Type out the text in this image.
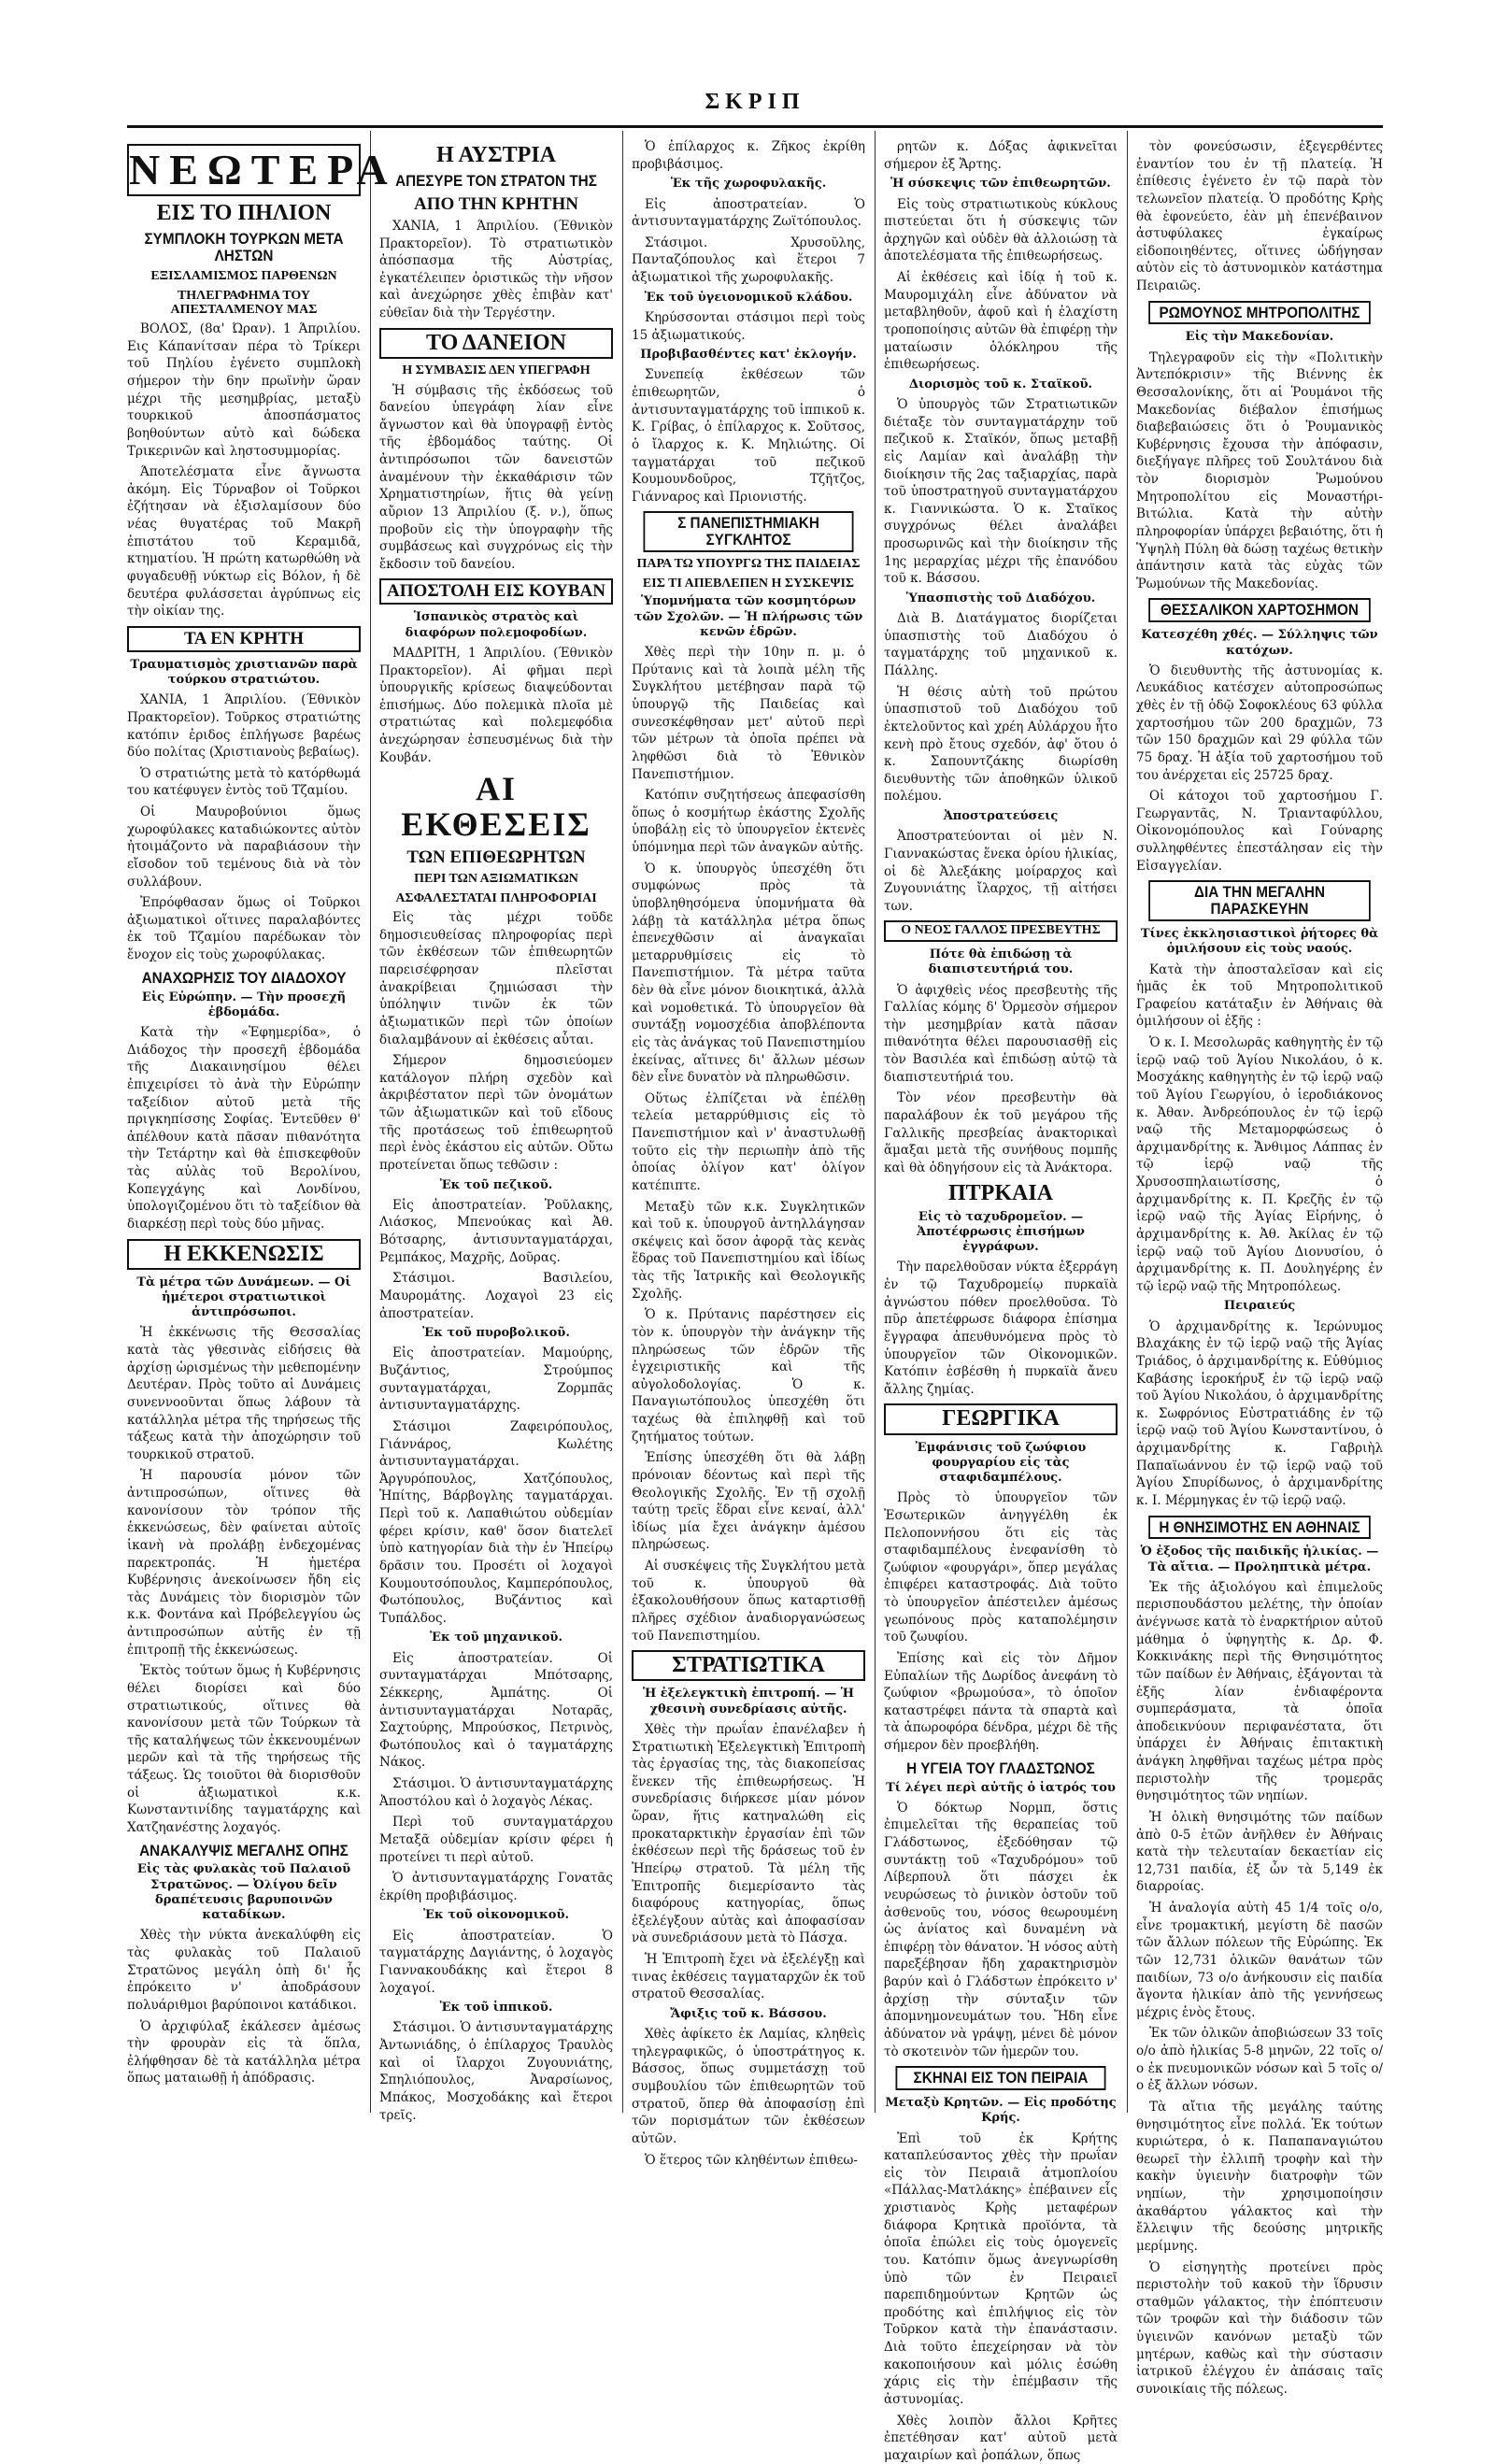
ΣΚΡΙΠ
ΝΕΩΤΕΡΑ
ΕΙΣ ΤΟ ΠΗΛΙΟΝ
ΣΥΜΠΛΟΚΗ ΤΟΥΡΚΩΝ ΜΕΤΑ ΛΗΣΤΩΝ
ΕΞΙΣΛΑΜΙΣΜΟΣ ΠΑΡΘΕΝΩΝ
ΤΗΛΕΓΡΑΦΗΜΑ ΤΟΥ ΑΠΕΣΤΑΛΜΕΝΟΥ ΜΑΣ

ΒΟΛΟΣ, (8α' Ώραν). 1 Άπριλίου. Εις Κάπανίτσαν πέρα τὸ Τρίκερι τοῦ Πηλίου ἐγένετο συμπλοκὴ σήμερον τὴν 6ην πρωϊνὴν ὥραν μέχρι τῆς μεσημβρίας, μεταξὺ τουρκικοῦ ἀποσπάσματος βοηθούντων αὐτὸ καὶ δώδεκα Τρικερινῶν καὶ ληστοσυμμορίας.

Άποτελέσματα εἶνε ἄγνωστα ἀκόμη. Εἰς Τύρναβον οἱ Τοῦρκοι ἐζήτησαν νὰ ἐξισλαμίσουν δύο νέας θυγατέρας τοῦ Μακρῆ ἐπιστάτου τοῦ Κεραμιδᾶ, κτηματίου. Ἡ πρώτη κατωρθώθη νὰ φυγαδευθῇ νύκτωρ εἰς Βόλον, ἡ δὲ δευτέρα φυλάσσεται ἀγρύπνως εἰς τὴν οἰκίαν της.

ΤΑ ΕΝ ΚΡΗΤΗ
Τραυματισμὸς χριστιανῶν παρὰ τούρκου στρατιώτου.

ΧΑΝΙΑ, 1 Άπριλίου. (Έθνικὸν Πρακτορεῖον). Τοῦρκος στρατιώτης κατόπιν ἐριδος ἐπλήγωσε βαρέως δύο πολίτας (Χριστιανοὺς βεβαίως).

Ὁ στρατιώτης μετὰ τὸ κατόρθωμά του κατέφυγεν ἐντὸς τοῦ Τζαμίου.

Οἱ Μαυροβούνιοι ὅμως χωροφύλακες καταδιώκοντες αὐτὸν ἠτοιμάζοντο νὰ παραβιάσουν τὴν εἴσοδον τοῦ τεμένους διὰ νὰ τὸν συλλάβουν.

Ἐπρόφθασαν ὅμως οἱ Τοῦρκοι ἀξιωματικοὶ οἵτινες παραλαβόντες ἐκ τοῦ Τζαμίου παρέδωκαν τὸν ἔνοχον εἰς τοὺς χωροφύλακας.

ΑΝΑΧΩΡΗΣΙΣ ΤΟΥ ΔΙΑΔΟΧΟΥ
Εἰς Εὐρώπην. — Τὴν προσεχῆ ἑβδομάδα.

Κατὰ τὴν «Ἐφημερίδα», ὁ Διάδοχος τὴν προσεχῆ ἑβδομάδα τῆς Διακαινησίμου θέλει ἐπιχειρίσει τὸ ἀνὰ τὴν Εὐρώπην ταξείδιον αὐτοῦ μετὰ τῆς πριγκηπίσσης Σοφίας. Ἐντεῦθεν θ' ἀπέλθουν κατὰ πᾶσαν πιθανότητα τὴν Τετάρτην καὶ θὰ ἐπισκεφθοῦν τὰς αὐλὰς τοῦ Βερολίνου, Κοπεγχάγης καὶ Λονδίνου, ὑπολογιζομένου ὅτι τὸ ταξείδιον θὰ διαρκέσῃ περὶ τοὺς δύο μῆνας.

Η ΕΚΚΕΝΩΣΙΣ
Τὰ μέτρα τῶν Δυνάμεων. — Οἱ ἡμέτεροι στρατιωτικοὶ ἀντιπρόσωποι.

Ἡ ἐκκένωσις τῆς Θεσσαλίας κατὰ τὰς γθεσινὰς εἰδήσεις θὰ ἀρχίσῃ ὡρισμένως τὴν μεθεπομένην Δευτέραν. Πρὸς τοῦτο αἱ Δυνάμεις συνεννοοῦνται ὅπως λάβουν τὰ κατάλληλα μέτρα τῆς τηρήσεως τῆς τάξεως κατὰ τὴν ἀποχώρησιν τοῦ τουρκικοῦ στρατοῦ.

Ἡ παρουσία μόνον τῶν ἀντιπροσώπων, οἵτινες θὰ κανονίσουν τὸν τρόπον τῆς ἐκκενώσεως, δὲν φαίνεται αὐτοῖς ἱκανὴ νὰ προλάβῃ ἐνδεχομένας παρεκτροπάς. Ἡ ἡμετέρα Κυβέρνησις ἀνεκοίνωσεν ἤδη εἰς τὰς Δυνάμεις τὸν διορισμὸν τῶν κ.κ. Φοντάνα καὶ Πρόβελεγγίου ὡς ἀντιπροσώπων αὐτῆς ἐν τῇ ἐπιτροπῇ τῆς ἐκκενώσεως.

Ἐκτὸς τούτων ὅμως ἡ Κυβέρνησις θέλει διορίσει καὶ δύο στρατιωτικούς, οἵτινες θὰ κανονίσουν μετὰ τῶν Τούρκων τὰ τῆς καταλήψεως τῶν ἐκκενουμένων μερῶν καὶ τὰ τῆς τηρήσεως τῆς τάξεως. Ὡς τοιοῦτοι θὰ διορισθοῦν οἱ ἀξιωματικοὶ κ.κ. Κωνσταντινίδης ταγματάρχης καὶ Χατζηανέστης λοχαγός.

ΑΝΑΚΑΛΥΨΙΣ ΜΕΓΑΛΗΣ ΟΠΗΣ
Εἰς τὰς φυλακὰς τοῦ Παλαιοῦ Στρατῶνος. — Ὀλίγου δεῖν δραπέτευσις βαρυποινῶν καταδίκων.

Χθὲς τὴν νύκτα ἀνεκαλύφθη εἰς τὰς φυλακὰς τοῦ Παλαιοῦ Στρατῶνος μεγάλη ὀπὴ δι' ἧς ἐπρόκειτο ν' ἀποδράσουν πολυάριθμοι βαρύποινοι κατάδικοι.

Ὁ ἀρχιφύλαξ ἐκάλεσεν ἀμέσως τὴν φρουρὰν εἰς τὰ ὅπλα, ἐλήφθησαν δὲ τὰ κατάλληλα μέτρα ὅπως ματαιωθῇ ἡ ἀπόδρασις.

Η ΑΥΣΤΡΙΑ
ΑΠΕΣΥΡΕ ΤΟΝ ΣΤΡΑΤΟΝ ΤΗΣ
ΑΠΟ ΤΗΝ ΚΡΗΤΗΝ

ΧΑΝΙΑ, 1 Άπριλίου. (Έθνικὸν Πρακτορεῖον). Τὸ στρατιωτικὸν ἀπόσπασμα τῆς Αὐστρίας, ἐγκατέλειπεν ὁριστικῶς τὴν νῆσον καὶ ἀνεχώρησε χθὲς ἐπιβὰν κατ' εὐθεῖαν διὰ τὴν Τεργέστην.

ΤΟ ΔΑΝΕΙΟΝ
Η ΣΥΜΒΑΣΙΣ ΔΕΝ ΥΠΕΓΡΑΦΗ

Ἡ σύμβασις τῆς ἐκδόσεως τοῦ δανείου ὑπεγράφη λίαν εἶνε ἄγνωστον καὶ θὰ ὑπογραφῇ ἐντὸς τῆς ἑβδομάδος ταύτης. Οἱ ἀντιπρόσωποι τῶν δανειστῶν ἀναμένουν τὴν ἐκκαθάρισιν τῶν Χρηματιστηρίων, ἥτις θὰ γείνῃ αὔριον 13 Άπριλίου (ξ. ν.), ὅπως προβοῦν εἰς τὴν ὑπογραφὴν τῆς συμβάσεως καὶ συγχρόνως εἰς τὴν ἔκδοσιν τοῦ δανείου.

ΑΠΟΣΤΟΛΗ ΕΙΣ ΚΟΥΒΑΝ
Ἱσπανικὸς στρατὸς καὶ διαφόρων πολεμοφοδίων.

ΜΑΔΡΙΤΗ, 1 Άπριλίου. (Έθνικὸν Πρακτορεῖον). Αἱ φῆμαι περὶ ὑπουργικῆς κρίσεως διαψεύδονται ἐπισήμως. Δύο πολεμικὰ πλοῖα μὲ στρατιώτας καὶ πολεμεφόδια ἀνεχώρησαν ἐσπευσμένως διὰ τὴν Κουβάν.

ΑΙ ΕΚΘΕΣΕΙΣ
ΤΩΝ ΕΠΙΘΕΩΡΗΤΩΝ
ΠΕΡΙ ΤΩΝ ΑΞΙΩΜΑΤΙΚΩΝ
ΑΣΦΑΛΕΣΤΑΤΑΙ ΠΛΗΡΟΦΟΡΙΑΙ

Εἰς τὰς μέχρι τοῦδε δημοσιευθείσας πληροφορίας περὶ τῶν ἐκθέσεων τῶν ἐπιθεωρητῶν παρεισέφρησαν πλεῖσται ἀνακρίβειαι ζημιώσασι τὴν ὑπόληψιν τινῶν ἐκ τῶν ἀξιωματικῶν περὶ τῶν ὁποίων διαλαμβάνουν αἱ ἐκθέσεις αὗται.

Σήμερον δημοσιεύομεν κατάλογον πλήρη σχεδὸν καὶ ἀκριβέστατον περὶ τῶν ὀνομάτων τῶν ἀξιωματικῶν καὶ τοῦ εἴδους τῆς προτάσεως τοῦ ἐπιθεωρητοῦ περὶ ἑνὸς ἑκάστου εἰς αὐτῶν. Οὕτω προτείνεται ὅπως τεθῶσιν :

Ἐκ τοῦ πεζικοῦ.

Εἰς ἀποστρατείαν. Ῥοῦλακης, Λιάσκος, Μπενούκας καὶ Ἀθ. Βότσαρης, ἀντισυνταγματάρχαι, Ρεμπάκος, Μαχρῆς, Δοῦρας.

Στάσιμοι. Βασιλείου, Μαυρομάτης. Λοχαγοὶ 23 εἰς ἀποστρατείαν.

Ἐκ τοῦ πυροβολικοῦ.

Εἰς ἀποστρατείαν. Μαμούρης, Βυζάντιος, Στρούμπος συνταγματάρχαι, Ζορμπᾶς ἀντισυνταγματάρχης.

Στάσιμοι Ζαφειρόπουλος, Γιάννάρος, Κωλέτης ἀντισυνταγματάρχαι. Ἀργυρόπουλος, Χατζόπουλος, Ἡπίτης, Βάρβογλης ταγματάρχαι. Περὶ τοῦ κ. Λαπαθιώτου οὐδεμίαν φέρει κρίσιν, καθ' ὅσον διατελεῖ ὑπὸ κατηγορίαν διὰ τὴν ἐν Ἠπείρῳ δρᾶσιν του. Προσέτι οἱ λοχαγοὶ Κουμουτσόπουλος, Καμπερόπουλος, Φωτόπουλος, Βυζάντιος καὶ Τυπάλδος.

Ἐκ τοῦ μηχανικοῦ.

Εἰς ἀποστρατείαν. Οἱ συνταγματάρχαι Μπότσαρης, Σέκκερης, Ἀμπάτης. Οἱ ἀντισυνταγματάρχαι Νοταρᾶς, Σαχτούρης, Μπρούσκος, Πετρινὸς, Φωτόπουλος καὶ ὁ ταγματάρχης Νάκος.

Στάσιμοι. Ὁ ἀντισυνταγματάρχης Ἀποστόλου καὶ ὁ λοχαγὸς Λέκας.

Περὶ τοῦ συνταγματάρχου Μεταξᾶ οὐδεμίαν κρίσιν φέρει ἡ προτείνει τι περὶ αὐτοῦ.

Ὁ ἀντισυνταγματάρχης Γονατᾶς ἐκρίθη προβιβάσιμος.

Ἐκ τοῦ οἰκονομικοῦ.

Εἰς ἀποστρατείαν. Ὁ ταγματάρχης Δαγιάντης, ὁ λοχαγὸς Γιαννακουδάκης καὶ ἕτεροι 8 λοχαγοί.

Ἐκ τοῦ ἱππικοῦ.

Στάσιμοι. Ὁ ἀντισυνταγματάρχης Ἀντωνιάδης, ὁ ἐπίλαρχος Τραυλὸς καὶ οἱ ἴλαρχοι Ζυγουνιάτης, Σπηλιόπουλος, Ἀναρσίωνος, Μπάκος, Μοσχοδάκης καὶ ἕτεροι τρεῖς.

Ὁ ἐπίλαρχος κ. Ζῆκος ἐκρίθη προβιβάσιμος.

Ἐκ τῆς χωροφυλακῆς.

Εἰς ἀποστρατείαν. Ὁ ἀντισυνταγματάρχης Ζωϊτόπουλος.

Στάσιμοι. Χρυσοῦλης, Πανταζόπουλος καὶ ἕτεροι 7 ἀξιωματικοὶ τῆς χωροφυλακῆς.

Ἐκ τοῦ ὑγειονομικοῦ κλάδου.

Κηρύσσονται στάσιμοι περὶ τοὺς 15 ἀξιωματικούς.

Προβιβασθέντες κατ' ἐκλογήν.

Συνεπείᾳ ἐκθέσεων τῶν ἐπιθεωρητῶν, ὁ ἀντισυνταγματάρχης τοῦ ἱππικοῦ κ. Κ. Γρίβας, ὁ ἐπίλαρχος κ. Σοῦτσος, ὁ ἴλαρχος κ. Κ. Μηλιώτης. Οἱ ταγματάρχαι τοῦ πεζικοῦ Κουμουνδοῦρος, Τζῆτζος, Γιάνναρος καὶ Πριονιστής.

Σ ΠΑΝΕΠΙΣΤΗΜΙΑΚΗ ΣΥΓΚΛΗΤΟΣ
ΠΑΡΑ ΤΩ ΥΠΟΥΡΓΩ ΤΗΣ ΠΑΙΔΕΙΑΣ
ΕΙΣ ΤΙ ΑΠΕΒΛΕΠΕΝ Η ΣΥΣΚΕΨΙΣ
Ὑπομνήματα τῶν κοσμητόρων τῶν Σχολῶν. — Ἡ πλήρωσις τῶν κενῶν ἑδρῶν.

Χθὲς περὶ τὴν 10ην π. μ. ὁ Πρύτανις καὶ τὰ λοιπὰ μέλη τῆς Συγκλήτου μετέβησαν παρὰ τῷ ὑπουργῷ τῆς Παιδείας καὶ συνεσκέφθησαν μετ' αὐτοῦ περὶ τῶν μέτρων τὰ ὁποῖα πρέπει νὰ ληφθῶσι διὰ τὸ Ἐθνικὸν Πανεπιστήμιον.

Κατόπιν συζητήσεως ἀπεφασίσθη ὅπως ὁ κοσμήτωρ ἑκάστης Σχολῆς ὑποβάλῃ εἰς τὸ ὑπουργεῖον ἐκτενὲς ὑπόμνημα περὶ τῶν ἀναγκῶν αὐτῆς.

Ὁ κ. ὑπουργὸς ὑπεσχέθη ὅτι συμφώνως πρὸς τὰ ὑποβληθησόμενα ὑπομνήματα θὰ λάβῃ τὰ κατάλληλα μέτρα ὅπως ἐπενεχθῶσιν αἱ ἀναγκαῖαι μεταρρυθμίσεις εἰς τὸ Πανεπιστήμιον. Τὰ μέτρα ταῦτα δὲν θὰ εἶνε μόνον διοικητικά, ἀλλὰ καὶ νομοθετικά. Τὸ ὑπουργεῖον θὰ συντάξῃ νομοσχέδια ἀποβλέποντα εἰς τὰς ἀνάγκας τοῦ Πανεπιστημίου ἐκείνας, αἵτινες δι' ἄλλων μέσων δὲν εἶνε δυνατὸν νὰ πληρωθῶσιν.

Οὕτως ἐλπίζεται νὰ ἐπέλθῃ τελεία μεταρρύθμισις εἰς τὸ Πανεπιστήμιον καὶ ν' ἀναστυλωθῇ τοῦτο εἰς τὴν περιωπὴν ἀπὸ τῆς ὁποίας ὀλίγον κατ' ὀλίγον κατέπιπτε.

Μεταξὺ τῶν κ.κ. Συγκλητικῶν καὶ τοῦ κ. ὑπουργοῦ ἀντηλλάγησαν σκέψεις καὶ ὅσον ἀφορᾷ τὰς κενὰς ἕδρας τοῦ Πανεπιστημίου καὶ ἰδίως τὰς τῆς Ἰατρικῆς καὶ Θεολογικῆς Σχολῆς.

Ὁ κ. Πρύτανις παρέστησεν εἰς τὸν κ. ὑπουργὸν τὴν ἀνάγκην τῆς πληρώσεως τῶν ἑδρῶν τῆς ἐγχειριστικῆς καὶ τῆς αὐγολοδολογίας. Ὁ κ. Παναγιωτόπουλος ὑπεσχέθη ὅτι ταχέως θὰ ἐπιληφθῇ καὶ τοῦ ζητήματος τούτων.

Ἐπίσης ὑπεσχέθη ὅτι θὰ λάβῃ πρόνοιαν δέοντως καὶ περὶ τῆς Θεολογικῆς Σχολῆς. Ἐν τῇ σχολῇ ταύτῃ τρεῖς ἕδραι εἶνε κεναί, ἀλλ' ἰδίως μία ἔχει ἀνάγκην ἀμέσου πληρώσεως.

Αἱ συσκέψεις τῆς Συγκλήτου μετὰ τοῦ κ. ὑπουργοῦ θὰ ἐξακολουθήσουν ὅπως καταρτισθῇ πλῆρες σχέδιον ἀναδιοργανώσεως τοῦ Πανεπιστημίου.

ΣΤΡΑΤΙΩΤΙΚΑ
Ἡ ἐξελεγκτικὴ ἐπιτροπή. — Ἡ χθεσινὴ συνεδρίασις αὐτῆς.

Χθὲς τὴν πρωΐαν ἐπανέλαβεν ἡ Στρατιωτικὴ Ἐξελεγκτικὴ Ἐπιτροπὴ τὰς ἐργασίας της, τὰς διακοπείσας ἕνεκεν τῆς ἐπιθεωρήσεως. Ἡ συνεδρίασις διήρκεσε μίαν μόνον ὥραν, ἥτις κατηναλώθη εἰς προκαταρκτικὴν ἐργασίαν ἐπὶ τῶν ἐκθέσεων περὶ τῆς δράσεως τοῦ ἐν Ἠπείρῳ στρατοῦ. Τὰ μέλη τῆς Ἐπιτροπῆς διεμερίσαντο τὰς διαφόρους κατηγορίας, ὅπως ἐξελέγξουν αὐτὰς καὶ ἀποφασίσαν νὰ συνεδριάσουν μετὰ τὸ Πάσχα.

Ἡ Ἐπιτροπὴ ἔχει νὰ ἐξελέγξῃ καὶ τινας ἐκθέσεις ταγματαρχῶν ἐκ τοῦ στρατοῦ Θεσσαλίας.

Ἄφιξις τοῦ κ. Βάσσου.

Χθὲς ἀφίκετο ἐκ Λαμίας, κληθεὶς τηλεγραφικῶς, ὁ ὑποστράτηγος κ. Βάσσος, ὅπως συμμετάσχῃ τοῦ συμβουλίου τῶν ἐπιθεωρητῶν τοῦ στρατοῦ, ὅπερ θὰ ἀποφασίσῃ ἐπὶ τῶν πορισμάτων τῶν ἐκθέσεων αὐτῶν.

Ὁ ἕτερος τῶν κληθέντων ἐπιθεω-

ρητῶν κ. Δόξας ἀφικνεῖται σήμερον ἐξ Ἄρτης.

Ἡ σύσκεψις τῶν ἐπιθεωρητῶν.

Εἰς τοὺς στρατιωτικοὺς κύκλους πιστεύεται ὅτι ἡ σύσκεψις τῶν ἀρχηγῶν καὶ οὐδὲν θὰ ἀλλοιώσῃ τὰ ἀποτελέσματα τῆς ἐπιθεωρήσεως.

Αἱ ἐκθέσεις καὶ ἰδίᾳ ἡ τοῦ κ. Μαυρομιχάλη εἶνε ἀδύνατον νὰ μεταβληθοῦν, ἀφοῦ καὶ ἡ ἐλαχίστη τροποποίησις αὐτῶν θὰ ἐπιφέρῃ τὴν ματαίωσιν ὁλόκληρου τῆς ἐπιθεωρήσεως.

Διορισμὸς τοῦ κ. Σταϊκοῦ.

Ὁ ὑπουργὸς τῶν Στρατιωτικῶν διέταξε τὸν συνταγματάρχην τοῦ πεζικοῦ κ. Σταϊκόν, ὅπως μεταβῇ εἰς Λαμίαν καὶ ἀναλάβῃ τὴν διοίκησιν τῆς 2ας ταξιαρχίας, παρὰ τοῦ ὑποστρατηγοῦ συνταγματάρχου κ. Γιαννικώστα. Ὁ κ. Σταϊκος συγχρόνως θέλει ἀναλάβει προσωρινῶς καὶ τὴν διοίκησιν τῆς 1ης μεραρχίας μέχρι τῆς ἐπανόδου τοῦ κ. Βάσσου.

Ὑπασπιστὴς τοῦ Διαδόχου.

Διὰ Β. Διατάγματος διορίζεται ὑπασπιστὴς τοῦ Διαδόχου ὁ ταγματάρχης τοῦ μηχανικοῦ κ. Πάλλης.

Ἡ θέσις αὐτὴ τοῦ πρώτου ὑπασπιστοῦ τοῦ Διαδόχου τοῦ ἐκτελοῦντος καὶ χρέη Αὐλάρχου ἦτο κενὴ πρὸ ἔτους σχεδόν, ἀφ' ὅτου ὁ κ. Σαπουντζάκης διωρίσθη διευθυντὴς τῶν ἀποθηκῶν ὑλικοῦ πολέμου.

Ἀποστρατεύσεις

Ἀποστρατεύονται οἱ μὲν Ν. Γιαννακώστας ἕνεκα ὁρίου ἡλικίας, οἱ δὲ Ἀλεξάκης μοίραρχος καὶ Ζυγουνιάτης ἴλαρχος, τῇ αἰτήσει των.

Ο ΝΕΟΣ ΓΑΛΛΟΣ ΠΡΕΣΒΕΥΤΗΣ
Πότε θὰ ἐπιδώσῃ τὰ διαπιστευτήριά του.

Ὁ ἀφιχθεὶς νέος πρεσβευτὴς τῆς Γαλλίας κόμης δ' Ὀρμεσὸν σήμερον τὴν μεσημβρίαν κατὰ πᾶσαν πιθανότητα θέλει παρουσιασθῇ εἰς τὸν Βασιλέα καὶ ἐπιδώσῃ αὐτῷ τὰ διαπιστευτήριά του.

Τὸν νέον πρεσβευτὴν θὰ παραλάβουν ἐκ τοῦ μεγάρου τῆς Γαλλικῆς πρεσβείας ἀνακτορικαὶ ἅμαξαι μετὰ τῆς συνήθους πομπῆς καὶ θὰ ὁδηγήσουν εἰς τὰ Ἀνάκτορα.

ΠΤΡΚΑΙΑ
Εἰς τὸ ταχυδρομεῖον. — Ἀποτέφρωσις ἐπισήμων ἐγγράφων.

Τὴν παρελθοῦσαν νύκτα ἐξερράγη ἐν τῷ Ταχυδρομείῳ πυρκαϊὰ ἀγνώστου πόθεν προελθοῦσα. Τὸ πῦρ ἀπετέφρωσε διάφορα ἐπίσημα ἔγγραφα ἀπευθυνόμενα πρὸς τὸ ὑπουργεῖον τῶν Οἰκονομικῶν. Κατόπιν ἐσβέσθη ἡ πυρκαϊὰ ἄνευ ἄλλης ζημίας.

ΓΕΩΡΓΙΚΑ
Ἐμφάνισις τοῦ ζωύφιου φουργαρίου εἰς τὰς σταφιδαμπέλους.

Πρὸς τὸ ὑπουργεῖον τῶν Ἐσωτερικῶν ἀνηγγέλθη ἐκ Πελοποννήσου ὅτι εἰς τὰς σταφιδαμπέλους ἐνεφανίσθη τὸ ζωύφιον «φουργάρι», ὅπερ μεγάλας ἐπιφέρει καταστροφάς. Διὰ τοῦτο τὸ ὑπουργεῖον ἀπέστειλεν ἀμέσως γεωπόνους πρὸς καταπολέμησιν τοῦ ζωυφίου.

Ἐπίσης καὶ εἰς τὸν Δῆμον Εὐπαλίων τῆς Δωρίδος ἀνεφάνη τὸ ζωύφιον «βρωμούσα», τὸ ὁποῖον καταστρέφει πάντα τὰ σπαρτὰ καὶ τὰ ἀπωροφόρα δένδρα, μέχρι δὲ τῆς σήμερον δὲν προεβλήθη.

Η ΥΓΕΙΑ ΤΟΥ ΓΛΑΔΣΤΩΝΟΣ
Τί λέγει περὶ αὐτῆς ὁ ἰατρός του

Ὁ δόκτωρ Νορμπ, ὅστις ἐπιμελεῖται τῆς θεραπείας τοῦ Γλάδστωνος, ἐξεδόθησαν τῷ συντάκτῃ τοῦ «Ταχυδρόμου» τοῦ Λίβερπουλ ὅτι πάσχει ἐκ νευρώσεως τὸ ῥινικὸν ὀστοῦν τοῦ ἀσθενοῦς του, νόσος θεωρουμένη ὡς ἀνίατος καὶ δυναμένη νὰ ἐπιφέρῃ τὸν θάνατον. Ἡ νόσος αὐτὴ παρεξέβησαν ἤδη χαρακτηρισμὸν βαρύν καὶ ὁ Γλάδστων ἐπρόκειτο ν' ἀρχίσῃ τὴν σύνταξιν τῶν ἀπομνημονευμάτων του. Ἤδη εἶνε ἀδύνατον νὰ γράψῃ, μένει δὲ μόνον τὸ σκοτεινὸν τῶν ἡμερῶν του.

ΣΚΗΝΑΙ ΕΙΣ ΤΟΝ ΠΕΙΡΑΙΑ
Μεταξὺ Κρητῶν. — Εἰς προδότης Κρής.

Ἐπὶ τοῦ ἐκ Κρήτης καταπλεύσαντος χθὲς τὴν πρωΐαν εἰς τὸν Πειραιᾶ ἀτμοπλοίου «Πάλλας-Ματλάκης» ἐπέβαινεν εἷς χριστιανὸς Κρὴς μεταφέρων διάφορα Κρητικὰ προϊόντα, τὰ ὁποῖα ἐπώλει εἰς τοὺς ὁμογενεῖς του. Κατόπιν ὅμως ἀνεγνωρίσθη ὑπὸ τῶν ἐν Πειραιεῖ παρεπιδημούντων Κρητῶν ὡς προδότης καὶ ἐπιλήψιος εἰς τὸν Τοῦρκον κατὰ τὴν ἐπανάστασιν. Διὰ τοῦτο ἐπεχείρησαν νὰ τὸν κακοποιήσουν καὶ μόλις ἐσώθη χάρις εἰς τὴν ἐπέμβασιν τῆς ἀστυνομίας.

Χθὲς λοιπὸν ἄλλοι Κρῆτες ἐπετέθησαν κατ' αὐτοῦ μετὰ μαχαιρίων καὶ ῥοπάλων, ὅπως

τὸν φονεύσωσιν, ἐξεγερθέντες ἐναντίον του ἐν τῇ πλατείᾳ. Ἡ ἐπίθεσις ἐγένετο ἐν τῷ παρὰ τὸν τελωνεῖον πλατείᾳ. Ὁ προδότης Κρὴς θὰ ἐφονεύετο, ἐὰν μὴ ἐπενέβαινον ἀστυφύλακες ἐγκαίρως εἰδοποιηθέντες, οἵτινες ὡδήγησαν αὐτὸν εἰς τὸ ἀστυνομικὸν κατάστημα Πειραιῶς.

ΡΩΜΟΥΝΟΣ ΜΗΤΡΟΠΟΛΙΤΗΣ
Εἰς τὴν Μακεδονίαν.

Τηλεγραφοῦν εἰς τὴν «Πολιτικὴν Ἀντεπόκρισιν» τῆς Βιέννης ἐκ Θεσσαλονίκης, ὅτι αἱ Ῥουμάνοι τῆς Μακεδονίας διέβαλον ἐπισήμως διαβεβαιώσεις ὅτι ὁ Ῥουμανικὸς Κυβέρνησις ἔχουσα τὴν ἀπόφασιν, διεξήγαγε πλῆρες τοῦ Σουλτάνου διὰ τὸν διορισμὸν Ῥωμούνου Μητροπολίτου εἰς Μοναστήρι-Βιτώλια. Κατὰ τὴν αὐτὴν πληροφορίαν ὑπάρχει βεβαιότης, ὅτι ἡ Ὑψηλὴ Πύλη θὰ δώσῃ ταχέως θετικὴν ἀπάντησιν κατὰ τὰς εὐχὰς τῶν Ῥωμούνων τῆς Μακεδονίας.

ΘΕΣΣΑΛΙΚΟΝ ΧΑΡΤΟΣΗΜΟΝ
Κατεσχέθη χθές. — Σύλληψις τῶν κατόχων.

Ὁ διευθυντὴς τῆς ἀστυνομίας κ. Λευκάδιος κατέσχεν αὐτοπροσώπως χθὲς ἐν τῇ ὁδῷ Σοφοκλέους 63 φύλλα χαρτοσήμου τῶν 200 δραχμῶν, 73 τῶν 150 δραχμῶν καὶ 29 φύλλα τῶν 75 δραχ. Ἡ ἀξία τοῦ χαρτοσήμου τοῦ του ἀνέρχεται εἰς 25725 δραχ.

Οἱ κάτοχοι τοῦ χαρτοσήμου Γ. Γεωργαντᾶς, Ν. Τριανταφύλλου, Οἰκονομόπουλος καὶ Γούναρης συλληφθέντες ἐπεστάλησαν εἰς τὴν Εἰσαγγελίαν.

ΔΙΑ ΤΗΝ ΜΕΓΑΛΗΝ ΠΑΡΑΣΚΕΥΗΝ
Τίνες ἐκκλησιαστικοὶ ῥήτορες θὰ ὁμιλήσουν εἰς τοὺς ναούς.

Κατὰ τὴν ἀποσταλεῖσαν καὶ εἰς ἡμᾶς ἐκ τοῦ Μητροπολιτικοῦ Γραφείου κατάταξιν ἐν Ἀθήναις θὰ ὁμιλήσουν οἱ ἑξῆς :

Ὁ κ. Ι. Μεσολωρᾶς καθηγητὴς ἐν τῷ ἱερῷ ναῷ τοῦ Ἁγίου Νικολάου, ὁ κ. Μοσχάκης καθηγητὴς ἐν τῷ ἱερῷ ναῷ τοῦ Ἁγίου Γεωργίου, ὁ ἱεροδιάκονος κ. Ἀθαν. Ἀνδρεόπουλος ἐν τῷ ἱερῷ ναῷ τῆς Μεταμορφώσεως ὁ ἀρχιμανδρίτης κ. Ἄνθιμος Λάππας ἐν τῷ ἱερῷ ναῷ τῆς Χρυσοσπηλαιωτίσσης, ὁ ἀρχιμανδρίτης κ. Π. Κρεζῆς ἐν τῷ ἱερῷ ναῷ τῆς Ἁγίας Εἰρήνης, ὁ ἀρχιμανδρίτης κ. Ἀθ. Ἀκίλας ἐν τῷ ἱερῷ ναῷ τοῦ Ἁγίου Διονυσίου, ὁ ἀρχιμανδρίτης κ. Π. Δουληγέρης ἐν τῷ ἱερῷ ναῷ τῆς Μητροπόλεως.

Πειραιεύς

Ὁ ἀρχιμανδρίτης κ. Ἱερώνυμος Βλαχάκης ἐν τῷ ἱερῷ ναῷ τῆς Ἁγίας Τριάδος, ὁ ἀρχιμανδρίτης κ. Εὐθύμιος Καβάσης ἱεροκήρυξ ἐν τῷ ἱερῷ ναῷ τοῦ Ἁγίου Νικολάου, ὁ ἀρχιμανδρίτης κ. Σωφρόνιος Εὐστρατιάδης ἐν τῷ ἱερῷ ναῷ τοῦ Ἁγίου Κωνσταντίνου, ὁ ἀρχιμανδρίτης κ. Γαβριὴλ Παπαϊωάννου ἐν τῷ ἱερῷ ναῷ τοῦ Ἁγίου Σπυρίδωνος, ὁ ἀρχιμανδρίτης κ. Ι. Μέρμηγκας ἐν τῷ ἱερῷ ναῷ.

Η ΘΝΗΣΙΜΟΤΗΣ ΕΝ ΑΘΗΝΑΙΣ
Ὁ ἐξοδος τῆς παιδικῆς ἡλικίας. — Τὰ αἴτια. — Προληπτικὰ μέτρα.

Ἐκ τῆς ἀξιολόγου καὶ ἐπιμελοῦς περισπουδάστου μελέτης, τὴν ὁποίαν ἀνέγνωσε κατὰ τὸ ἐναρκτήριον αὐτοῦ μάθημα ὁ ὑφηγητὴς κ. Δρ. Φ. Κοκκινάκης περὶ τῆς Θνησιμότητος τῶν παίδων ἐν Ἀθήναις, ἐξάγονται τὰ ἑξῆς λίαν ἐνδιαφέροντα συμπεράσματα, τὰ ὁποῖα ἀποδεικνύουν περιφανέστατα, ὅτι ὑπάρχει ἐν Ἀθήναις ἐπιτακτικὴ ἀνάγκη ληφθῆναι ταχέως μέτρα πρὸς περιστολὴν τῆς τρομερᾶς θνησιμότητος τῶν νηπίων.

Ἡ ὁλικὴ θνησιμότης τῶν παίδων ἀπὸ 0-5 ἐτῶν ἀνῆλθεν ἐν Ἀθήναις κατὰ τὴν τελευταίαν δεκαετίαν εἰς 12,731 παιδία, ἐξ ὧν τὰ 5,149 ἐκ διαρροίας.

Ἡ ἀναλογία αὐτὴ 45 1/4 τοῖς ο/ο, εἶνε τρομακτική, μεγίστη δὲ πασῶν τῶν ἄλλων πόλεων τῆς Εὐρώπης. Ἐκ τῶν 12,731 ὁλικῶν θανάτων τῶν παιδίων, 73 ο/ο ἀνήκουσιν εἰς παιδία ἄγοντα ἡλικίαν ἀπὸ τῆς γεννήσεως μέχρις ἑνὸς ἔτους.

Ἐκ τῶν ὁλικῶν ἀποβιώσεων 33 τοῖς ο/ο ἀπὸ ἡλικίας 5-8 μηνῶν, 22 τοῖς ο/ο ἐκ πνευμονικῶν νόσων καὶ 5 τοῖς ο/ο ἐξ ἄλλων νόσων.

Τὰ αἴτια τῆς μεγάλης ταύτης θνησιμότητος εἶνε πολλά. Ἐκ τούτων κυριώτερα, ὁ κ. Παπαπαναγιώτου θεωρεῖ τὴν ἐλλιπῆ τροφὴν καὶ τὴν κακὴν ὑγιεινὴν διατροφὴν τῶν νηπίων, τὴν χρησιμοποίησιν ἀκαθάρτου γάλακτος καὶ τὴν ἔλλειψιν τῆς δεούσης μητρικῆς μερίμνης.

Ὁ εἰσηγητὴς προτείνει πρὸς περιστολὴν τοῦ κακοῦ τὴν ἵδρυσιν σταθμῶν γάλακτος, τὴν ἐπόπτευσιν τῶν τροφῶν καὶ τὴν διάδοσιν τῶν ὑγιεινῶν κανόνων μεταξὺ τῶν μητέρων, καθὼς καὶ τὴν σύστασιν ἰατρικοῦ ἐλέγχου ἐν ἀπάσαις ταῖς συνοικίαις τῆς πόλεως.
